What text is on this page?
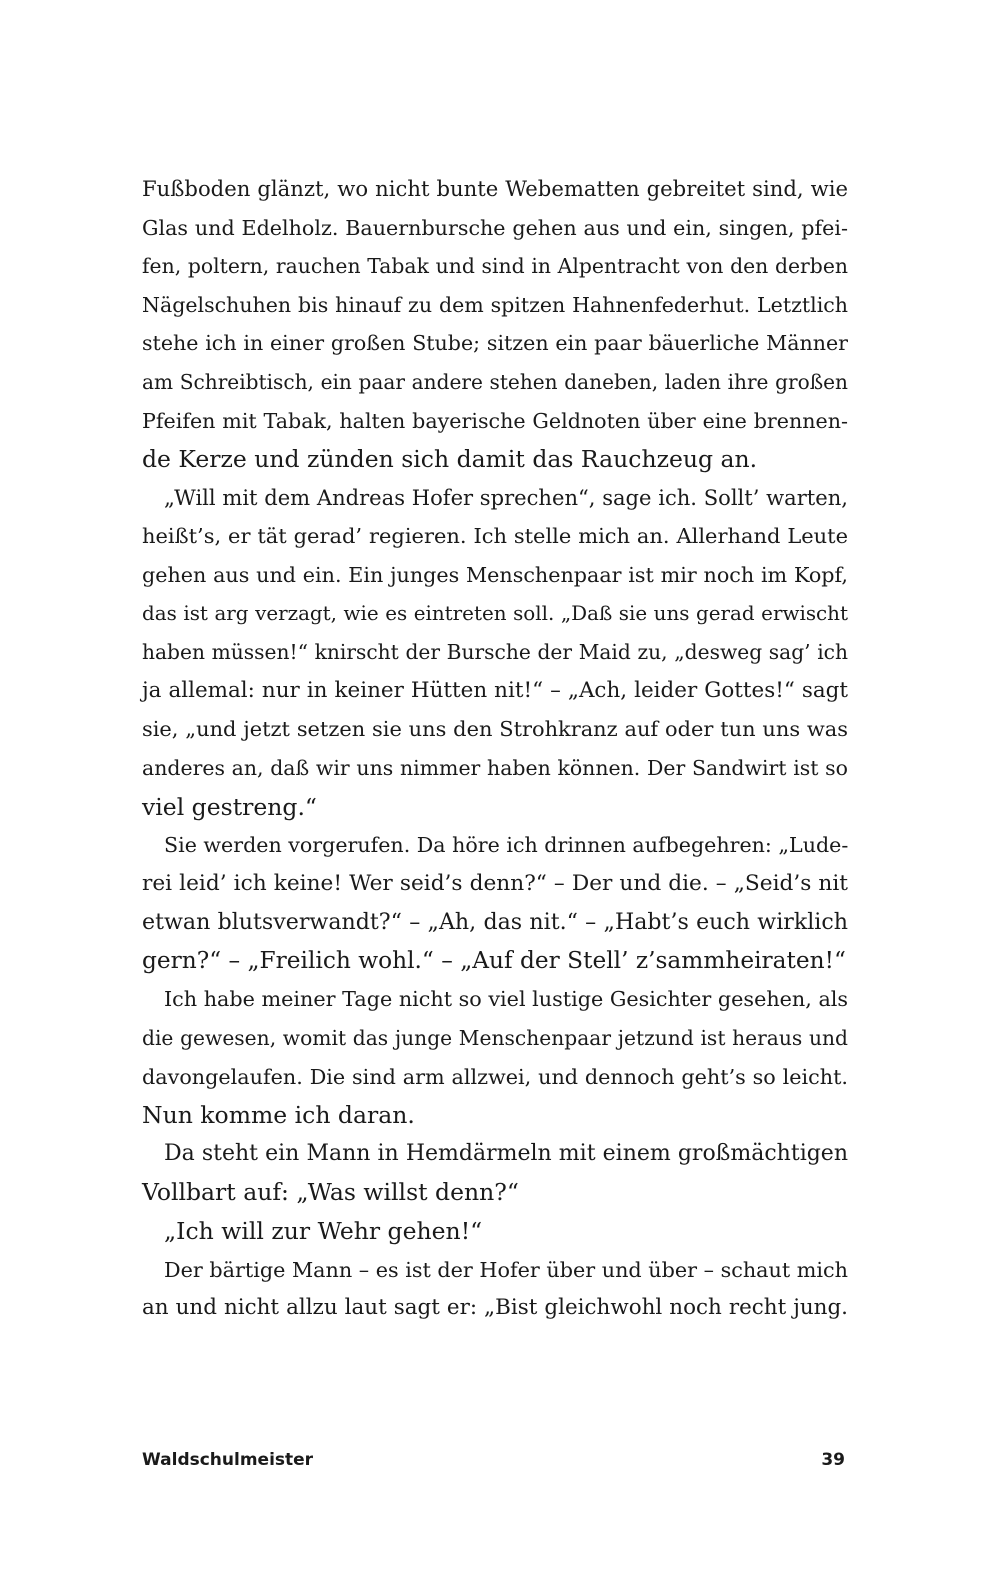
Fußboden glänzt, wo nicht bunte Webematten gebreitet sind, wie
Glas und Edelholz. Bauernbursche gehen aus und ein, singen, pfei-
fen, poltern, rauchen Tabak und sind in Alpentracht von den derben
Nägelschuhen bis hinauf zu dem spitzen Hahnenfederhut. Letztlich
stehe ich in einer großen Stube; sitzen ein paar bäuerliche Männer
am Schreibtisch, ein paar andere stehen daneben, laden ihre großen
Pfeifen mit Tabak, halten bayerische Geldnoten über eine brennen-
de Kerze und zünden sich damit das Rauchzeug an.
„Will mit dem Andreas Hofer sprechen“, sage ich. Sollt’ warten,
heißt’s, er tät gerad’ regieren. Ich stelle mich an. Allerhand Leute
gehen aus und ein. Ein junges Menschenpaar ist mir noch im Kopf,
das ist arg verzagt, wie es eintreten soll. „Daß sie uns gerad erwischt
haben müssen!“ knirscht der Bursche der Maid zu, „desweg sag’ ich
ja allemal: nur in keiner Hütten nit!“ – „Ach, leider Gottes!“ sagt
sie, „und jetzt setzen sie uns den Strohkranz auf oder tun uns was
anderes an, daß wir uns nimmer haben können. Der Sandwirt ist so
viel gestreng.“
Sie werden vorgerufen. Da höre ich drinnen aufbegehren: „Lude-
rei leid’ ich keine! Wer seid’s denn?“ – Der und die. – „Seid’s nit
etwan blutsverwandt?“ – „Ah, das nit.“ – „Habt’s euch wirklich
gern?“ – „Freilich wohl.“ – „Auf der Stell’ z’sammheiraten!“
Ich habe meiner Tage nicht so viel lustige Gesichter gesehen, als
die gewesen, womit das junge Menschenpaar jetzund ist heraus und
davongelaufen. Die sind arm allzwei, und dennoch geht’s so leicht.
Nun komme ich daran.
Da steht ein Mann in Hemdärmeln mit einem großmächtigen
Vollbart auf: „Was willst denn?“
„Ich will zur Wehr gehen!“
Der bärtige Mann – es ist der Hofer über und über – schaut mich
an und nicht allzu laut sagt er: „Bist gleichwohl noch recht jung.
Waldschulmeister	39
